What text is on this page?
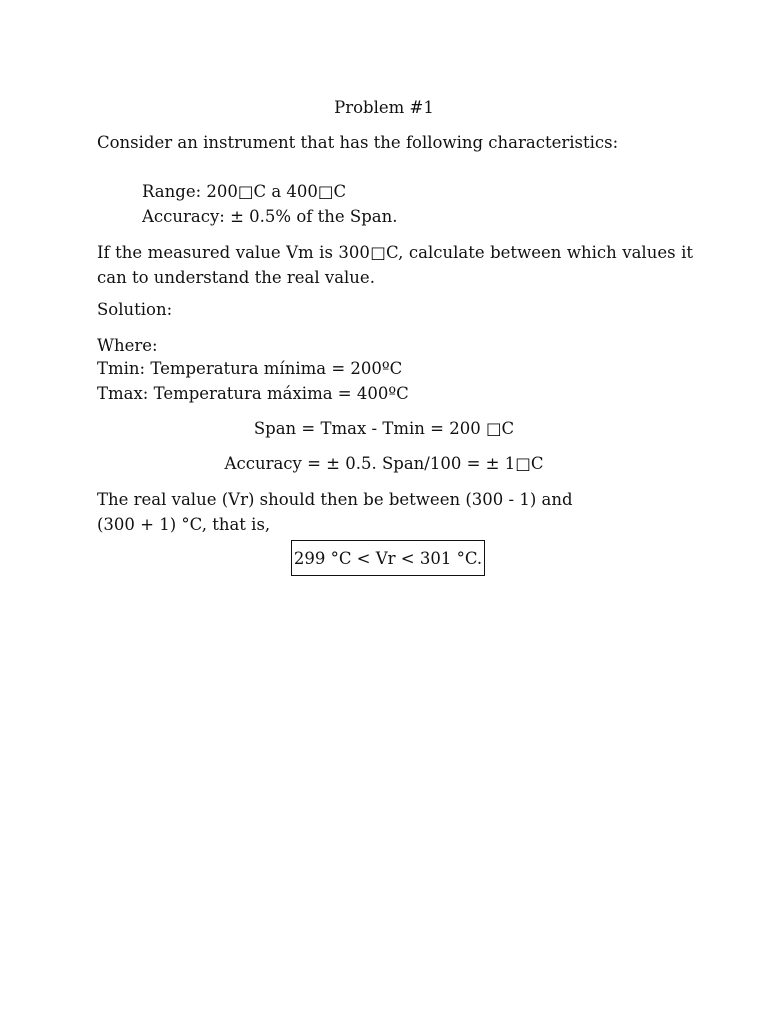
Problem #1
Consider an instrument that has the following characteristics:
Range: 200□C a 400□C
Accuracy: ± 0.5% of the Span.
If the measured value Vm is 300□C, calculate between which values it can to understand the real value.
Solution:
Where:
Tmin: Temperatura mínima = 200ºC
Tmax: Temperatura máxima = 400ºC
Span = Tmax - Tmin = 200 □C
Accuracy = ± 0.5. Span/100 = ± 1□C
The real value (Vr) should then be between (300 - 1) and
(300 + 1) °C, that is,
299 °C < Vr < 301 °C.
